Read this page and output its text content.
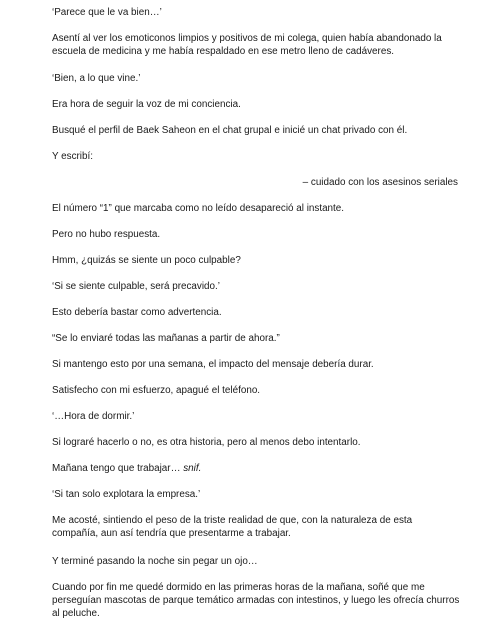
‘Parece que le va bien…’

Asentí al ver los emoticonos limpios y positivos de mi colega, quien había abandonado la escuela de medicina y me había respaldado en ese metro lleno de cadáveres.

‘Bien, a lo que vine.’

Era hora de seguir la voz de mi conciencia.

Busqué el perfil de Baek Saheon en el chat grupal e inicié un chat privado con él.

Y escribí:

– cuidado con los asesinos seriales

El número “1” que marcaba como no leído desapareció al instante.

Pero no hubo respuesta.

Hmm, ¿quizás se siente un poco culpable?

‘Si se siente culpable, será precavido.’

Esto debería bastar como advertencia.

“Se lo enviaré todas las mañanas a partir de ahora.”

Si mantengo esto por una semana, el impacto del mensaje debería durar.

Satisfecho con mi esfuerzo, apagué el teléfono.

‘…Hora de dormir.’

Si lograré hacerlo o no, es otra historia, pero al menos debo intentarlo.

Mañana tengo que trabajar… snif.

‘Si tan solo explotara la empresa.’

Me acosté, sintiendo el peso de la triste realidad de que, con la naturaleza de esta compañía, aun así tendría que presentarme a trabajar.

Y terminé pasando la noche sin pegar un ojo…

Cuando por fin me quedé dormido en las primeras horas de la mañana, soñé que me perseguían mascotas de parque temático armadas con intestinos, y luego les ofrecía churros al peluche.
